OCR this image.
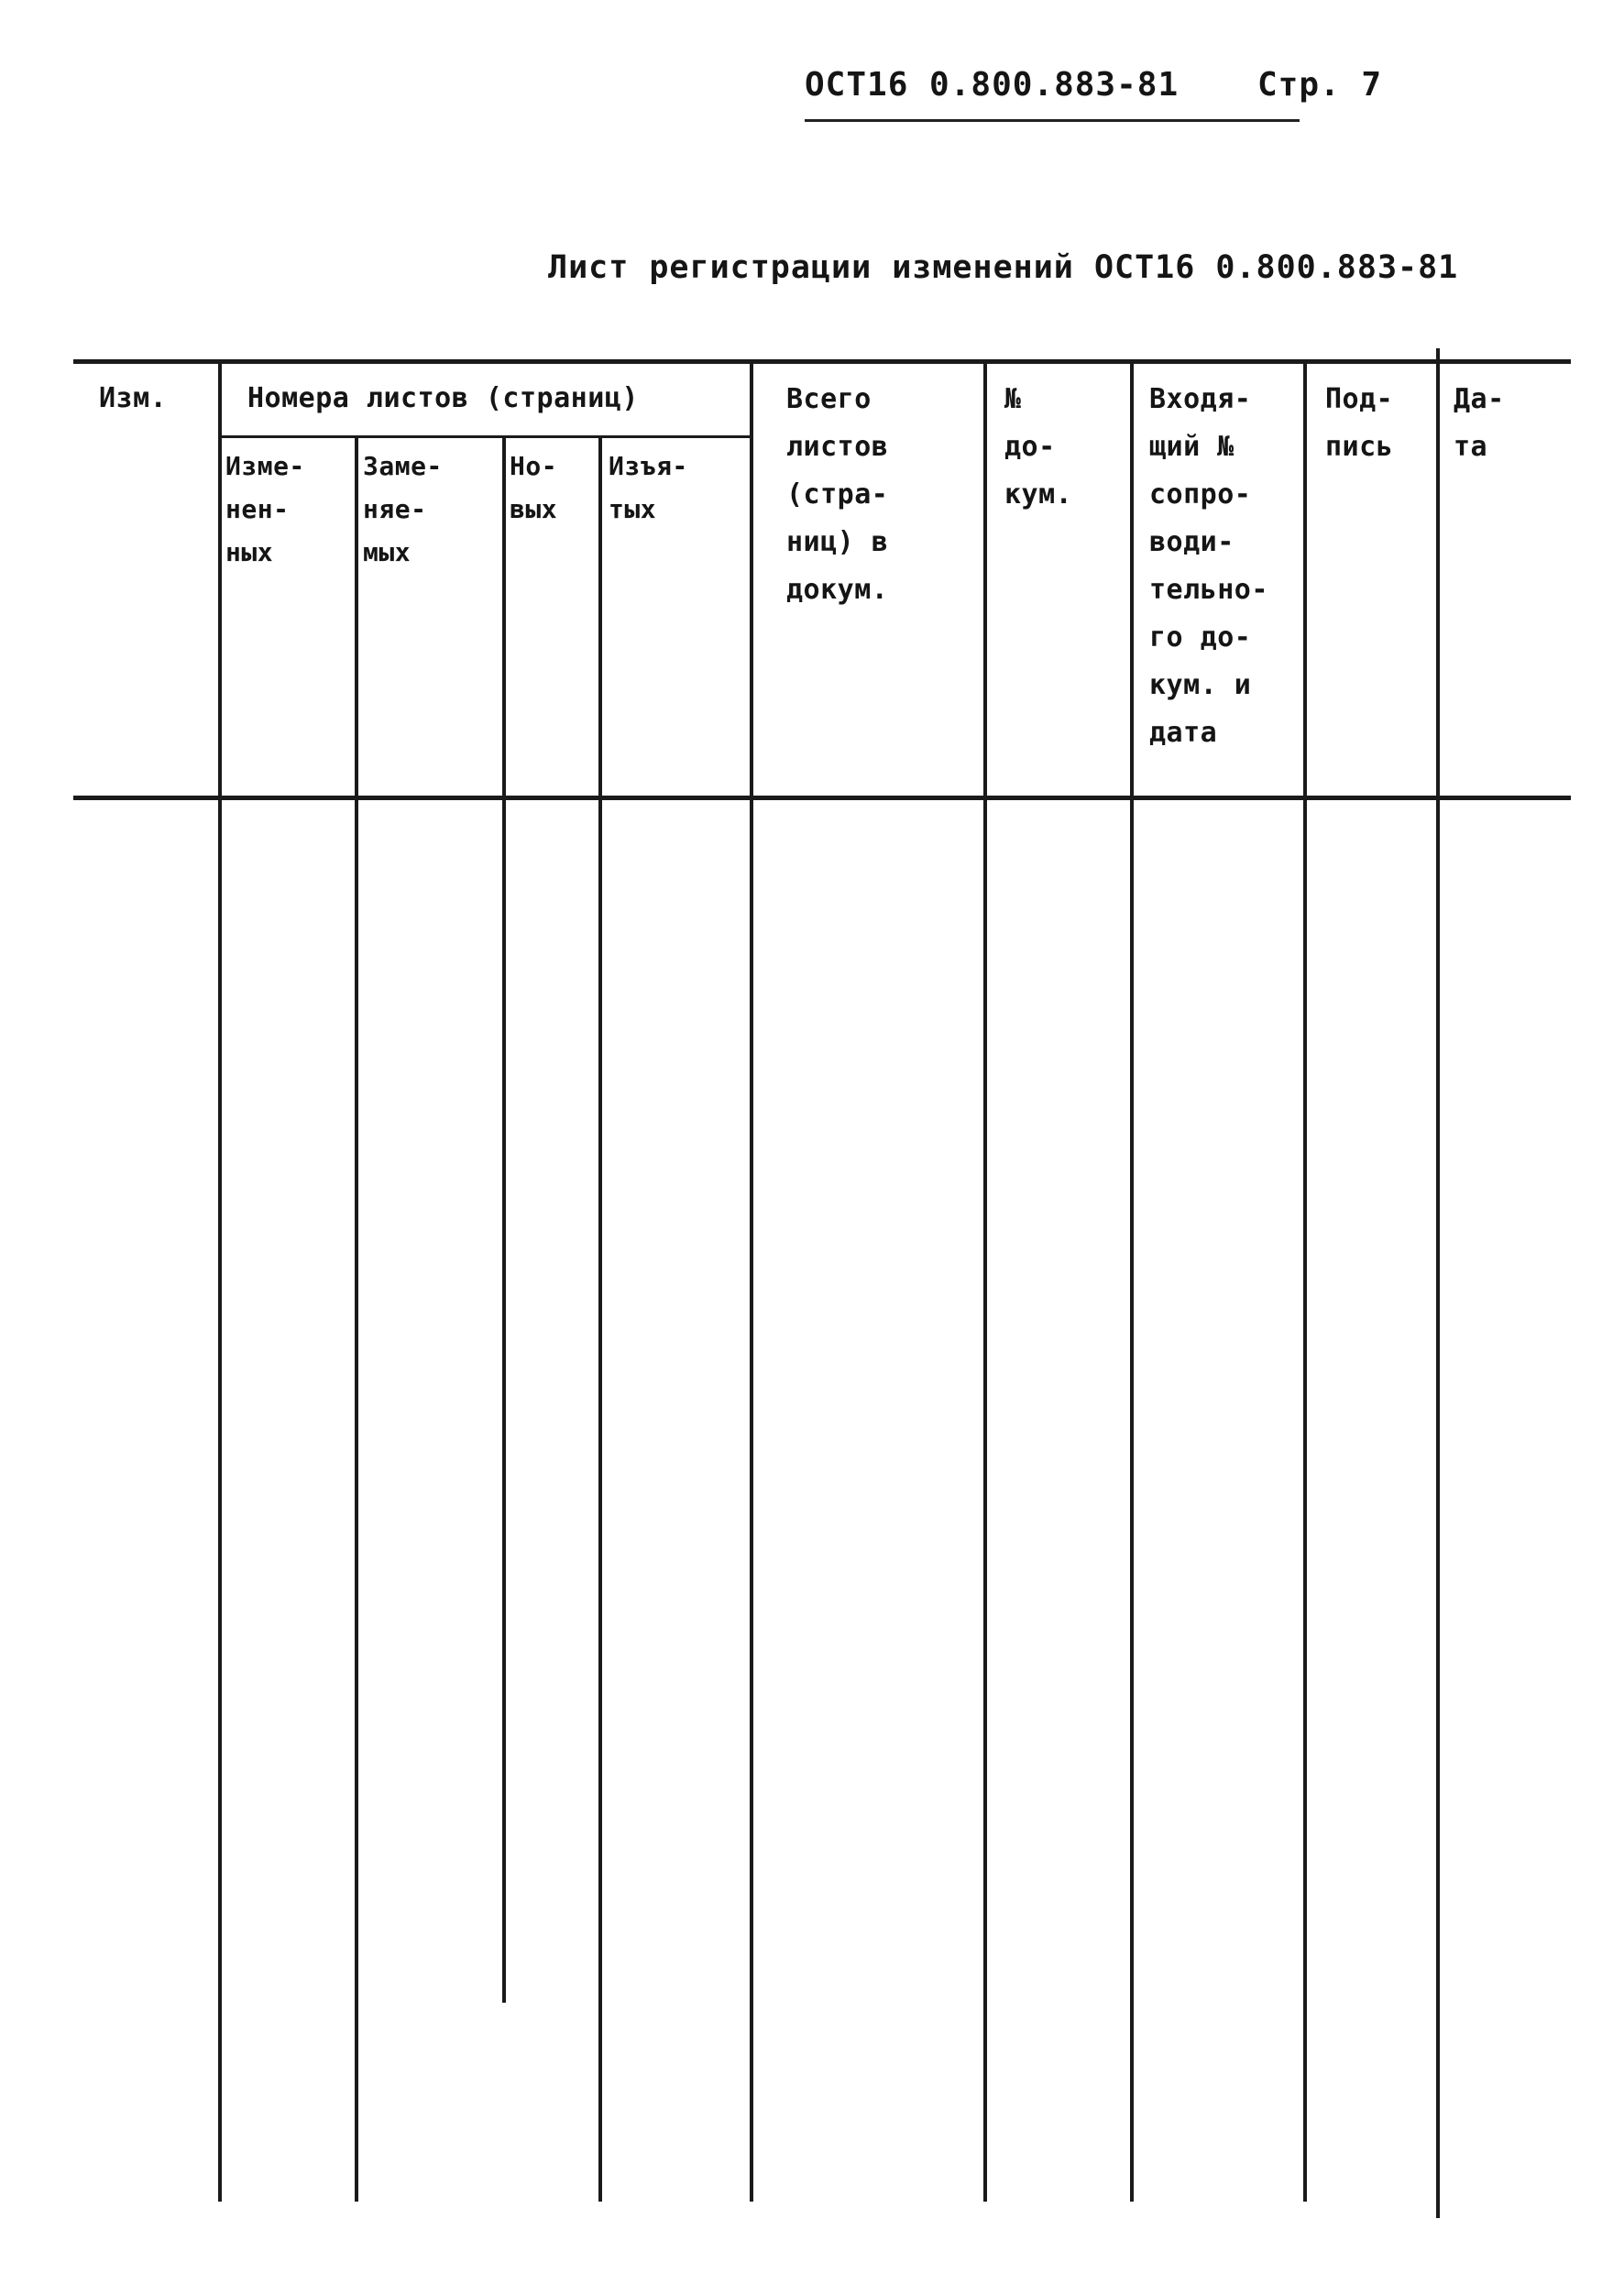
ОСТ16 0.800.883-81 Стр. 7
Лист регистрации изменений ОСТ16 0.800.883-81
Изм.	Номера листов (страниц)
Изме-
нен-
ных
Заме-
няе-
мых
Но-
вых
Изъя-
тых
Всего
листов
(стра-
ниц) в
докум.
№
до-
кум.
Входя-
щий №
сопро-
води-
тельно-
го до-
кум. и
дата
Под-
пись
Да-
та
